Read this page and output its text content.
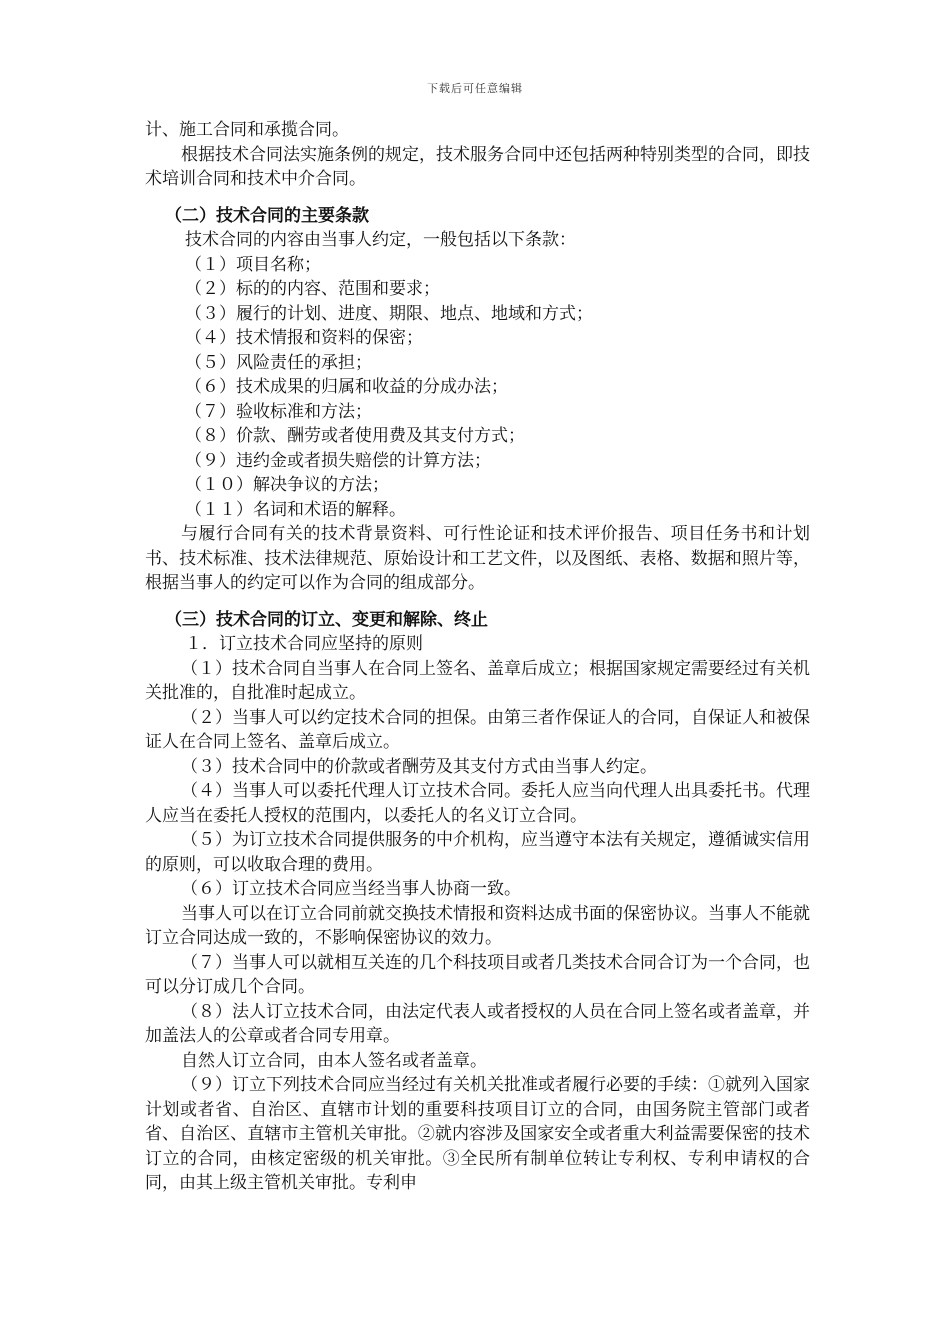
下载后可任意编辑

计、施工合同和承揽合同。

根据技术合同法实施条例的规定，技术服务合同中还包括两种特别类型的合同，即技术培训合同和技术中介合同。

（二）技术合同的主要条款

技术合同的内容由当事人约定，一般包括以下条款：

（１）项目名称；

（２）标的的内容、范围和要求；

（３）履行的计划、进度、期限、地点、地域和方式；

（４）技术情报和资料的保密；

（５）风险责任的承担；

（６）技术成果的归属和收益的分成办法；

（７）验收标准和方法；

（８）价款、酬劳或者使用费及其支付方式；

（９）违约金或者损失赔偿的计算方法；

（１０）解决争议的方法；

（１１）名词和术语的解释。

与履行合同有关的技术背景资料、可行性论证和技术评价报告、项目任务书和计划书、技术标准、技术法律规范、原始设计和工艺文件，以及图纸、表格、数据和照片等，根据当事人的约定可以作为合同的组成部分。

（三）技术合同的订立、变更和解除、终止

１．订立技术合同应坚持的原则

（１）技术合同自当事人在合同上签名、盖章后成立；根据国家规定需要经过有关机关批准的，自批准时起成立。

（２）当事人可以约定技术合同的担保。由第三者作保证人的合同，自保证人和被保证人在合同上签名、盖章后成立。

（３）技术合同中的价款或者酬劳及其支付方式由当事人约定。

（４）当事人可以委托代理人订立技术合同。委托人应当向代理人出具委托书。代理人应当在委托人授权的范围内，以委托人的名义订立合同。

（５）为订立技术合同提供服务的中介机构，应当遵守本法有关规定，遵循诚实信用的原则，可以收取合理的费用。

（６）订立技术合同应当经当事人协商一致。

当事人可以在订立合同前就交换技术情报和资料达成书面的保密协议。当事人不能就订立合同达成一致的，不影响保密协议的效力。

（７）当事人可以就相互关连的几个科技项目或者几类技术合同合订为一个合同，也可以分订成几个合同。

（８）法人订立技术合同，由法定代表人或者授权的人员在合同上签名或者盖章，并加盖法人的公章或者合同专用章。

自然人订立合同，由本人签名或者盖章。

（９）订立下列技术合同应当经过有关机关批准或者履行必要的手续：①就列入国家计划或者省、自治区、直辖市计划的重要科技项目订立的合同，由国务院主管部门或者省、自治区、直辖市主管机关审批。②就内容涉及国家安全或者重大利益需要保密的技术订立的合同，由核定密级的机关审批。③全民所有制单位转让专利权、专利申请权的合同，由其上级主管机关审批。专利申
